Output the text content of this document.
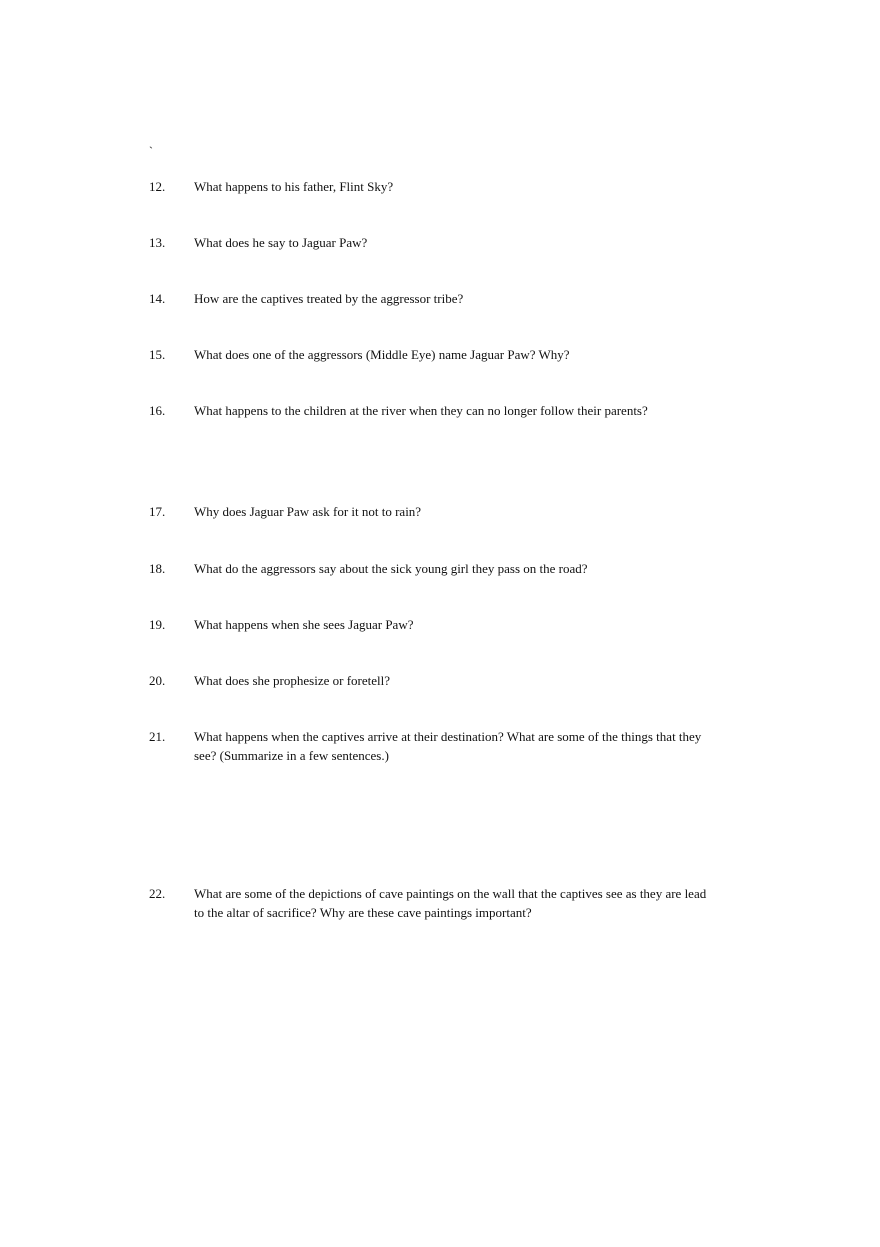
`
12. What happens to his father, Flint Sky?
13. What does he say to Jaguar Paw?
14. How are the captives treated by the aggressor tribe?
15. What does one of the aggressors (Middle Eye) name Jaguar Paw? Why?
16. What happens to the children at the river when they can no longer follow their parents?
17. Why does Jaguar Paw ask for it not to rain?
18. What do the aggressors say about the sick young girl they pass on the road?
19. What happens when she sees Jaguar Paw?
20. What does she prophesize or foretell?
21. What happens when the captives arrive at their destination? What are some of the things that they see? (Summarize in a few sentences.)
22. What are some of the depictions of cave paintings on the wall that the captives see as they are lead to the altar of sacrifice? Why are these cave paintings important?
